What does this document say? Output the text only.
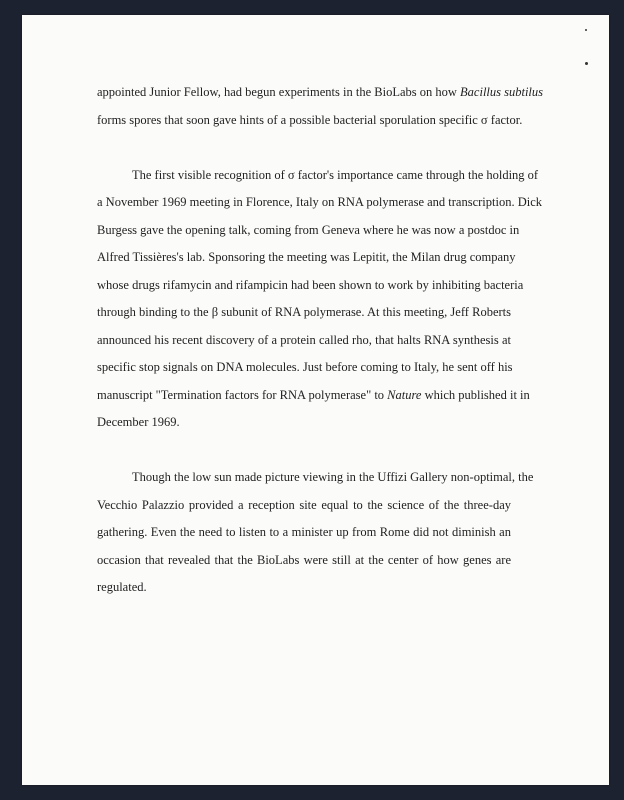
appointed Junior Fellow, had begun experiments in the BioLabs on how Bacillus subtilus
forms spores that soon gave hints of a possible bacterial sporulation specific σ factor.
The first visible recognition of σ factor's importance came through the holding of
a November 1969 meeting in Florence, Italy on RNA polymerase and transcription. Dick
Burgess gave the opening talk, coming from Geneva where he was now a postdoc in
Alfred Tissières's lab. Sponsoring the meeting was Lepitit, the Milan drug company
whose drugs rifamycin and rifampicin had been shown to work by inhibiting bacteria
through binding to the β subunit of RNA polymerase. At this meeting, Jeff Roberts
announced his recent discovery of a protein called rho, that halts RNA synthesis at
specific stop signals on DNA molecules. Just before coming to Italy, he sent off his
manuscript "Termination factors for RNA polymerase" to Nature which published it in
December 1969.
Though the low sun made picture viewing in the Uffizi Gallery non-optimal, the
Vecchio Palazzio provided a reception site equal to the science of the three-day
gathering. Even the need to listen to a minister up from Rome did not diminish an
occasion that revealed that the BioLabs were still at the center of how genes are
regulated.
